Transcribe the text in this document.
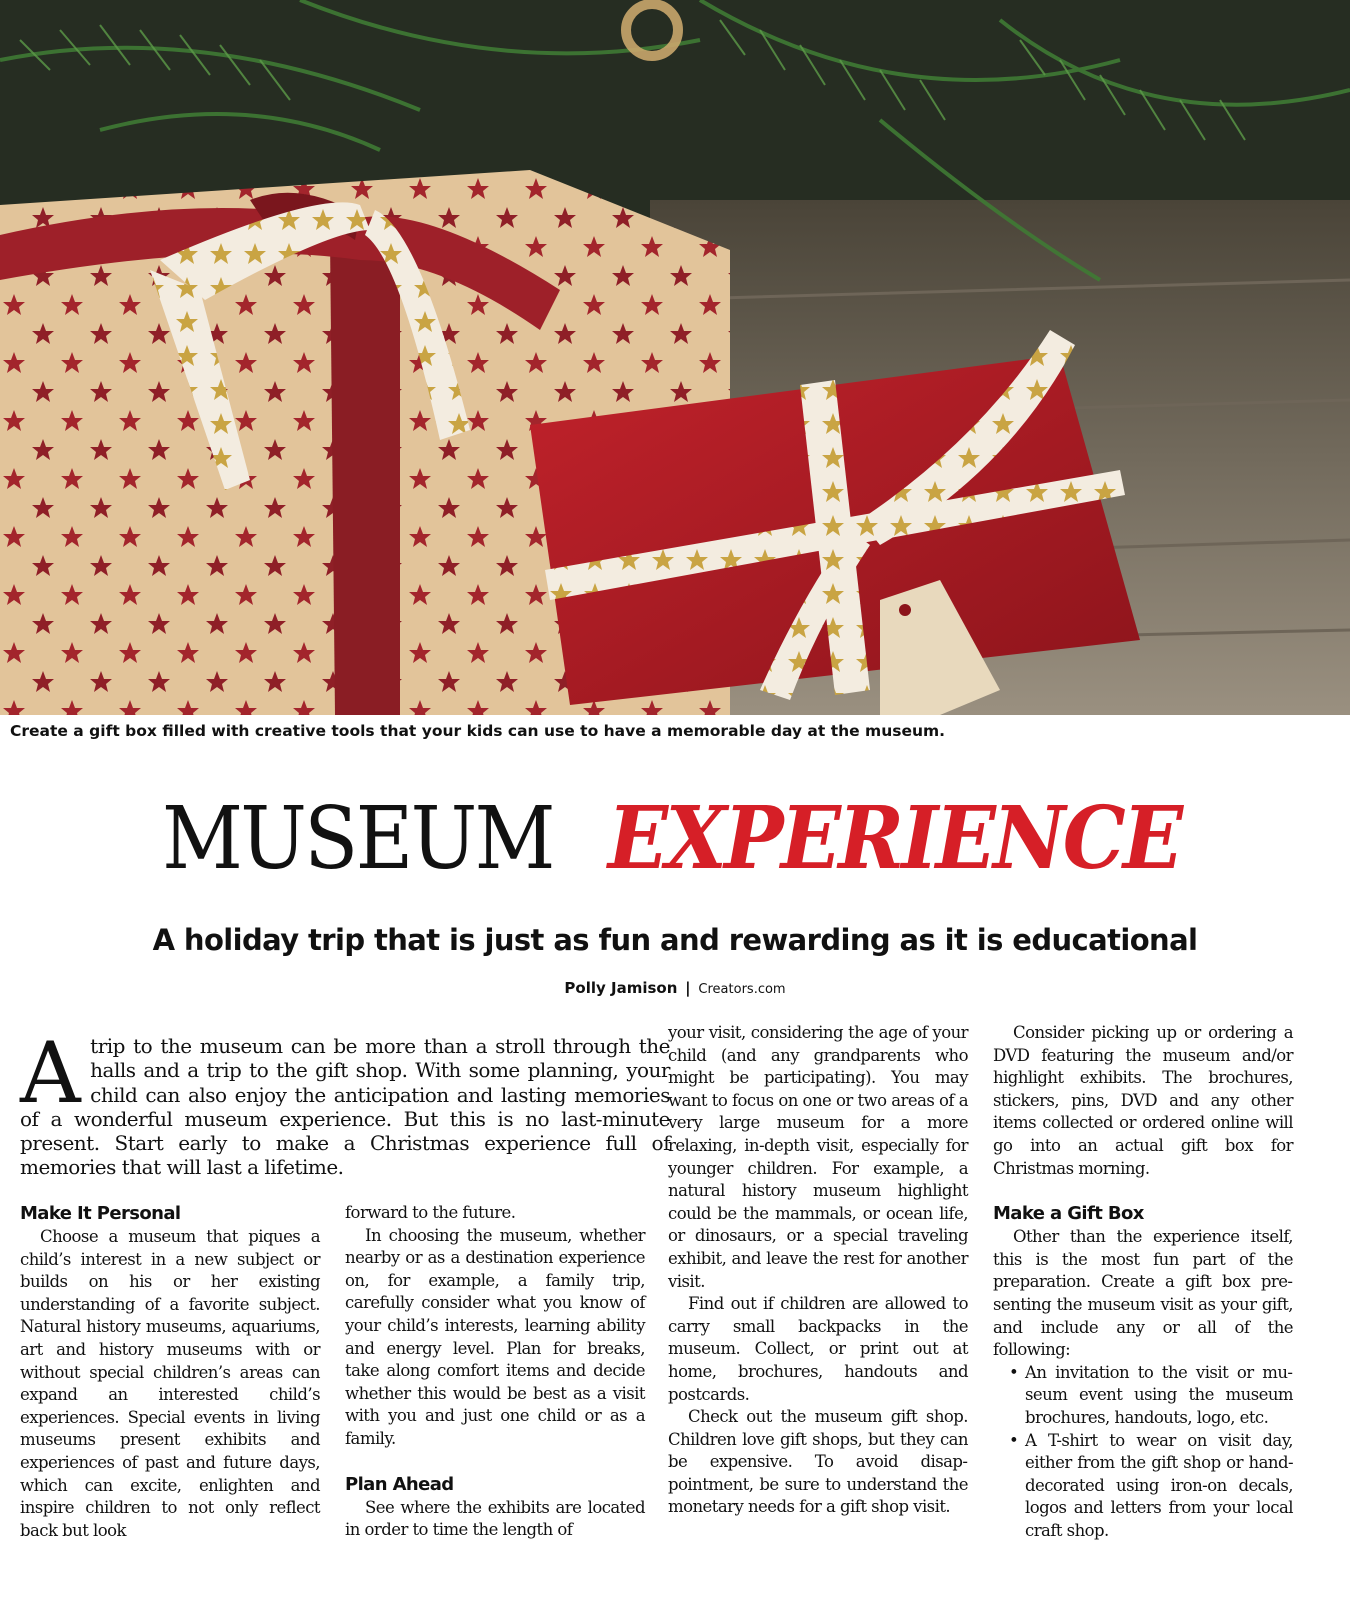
Create a gift box filled with creative tools that your kids can use to have a memorable day at the museum.
MUSEUM EXPERIENCE
A holiday trip that is just as fun and rewarding as it is educational
Polly Jamison | Creators.com
A trip to the museum can be more than a stroll through the halls and a trip to the gift shop. With some planning, your child can also enjoy the anticipation and lasting memories of a wonderful museum experience. But this is no last-minute present. Start early to make a Christmas experience full of memories that will last a lifetime.
Make It Personal

Choose a museum that piques a child’s interest in a new subject or builds on his or her existing understanding of a favorite subject. Natural history museums, aquariums, art and history museums with or without special children’s areas can expand an interested child’s experiences. Special events in living museums present exhibits and experiences of past and future days, which can excite, enlighten and inspire children to not only reflect back but look

forward to the future.

In choosing the museum, whether nearby or as a destination experience on, for example, a family trip, carefully consider what you know of your child’s interests, learning ability and energy level. Plan for breaks, take along comfort items and decide whether this would be best as a visit with you and just one child or as a family.

Plan Ahead

See where the exhibits are located in order to time the length of

your visit, considering the age of your child (and any grandparents who might be participating). You may want to focus on one or two areas of a very large museum for a more relaxing, in-depth visit, especially for younger children. For example, a natural history museum highlight could be the mammals, or ocean life, or dinosaurs, or a special traveling exhibit, and leave the rest for another visit.

Find out if children are allowed to carry small backpacks in the museum. Collect, or print out at home, brochures, handouts and postcards.

Check out the museum gift shop. Children love gift shops, but they can be expensive. To avoid disappointment, be sure to understand the monetary needs for a gift shop visit.

Consider picking up or ordering a DVD featuring the museum and/or highlight exhibits. The brochures, stickers, pins, DVD and any other items collected or ordered online will go into an actual gift box for Christmas morning.

Make a Gift Box

Other than the experience itself, this is the most fun part of the preparation. Create a gift box presenting the museum visit as your gift, and include any or all of the following:

• An invitation to the visit or museum event using the museum brochures, handouts, logo, etc.
• A T-shirt to wear on visit day, either from the gift shop or hand-decorated using iron-on decals, logos and letters from your local craft shop.
